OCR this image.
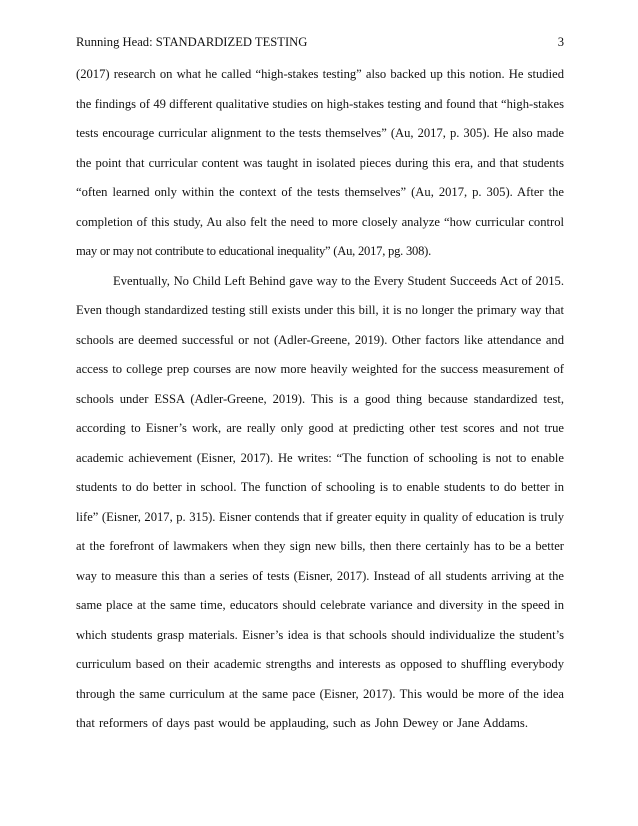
Running Head: STANDARDIZED TESTING	3
(2017) research on what he called “high-stakes testing” also backed up this notion. He studied
the findings of 49 different qualitative studies on high-stakes testing and found that “high-stakes
tests encourage curricular alignment to the tests themselves” (Au, 2017, p. 305). He also made
the point that curricular content was taught in isolated pieces during this era, and that students
“often learned only within the context of the tests themselves” (Au, 2017, p. 305). After the
completion of this study, Au also felt the need to more closely analyze “how curricular control
may or may not contribute to educational inequality” (Au, 2017, pg. 308).
Eventually, No Child Left Behind gave way to the Every Student Succeeds Act of 2015.
Even though standardized testing still exists under this bill, it is no longer the primary way that
schools are deemed successful or not (Adler-Greene, 2019). Other factors like attendance and
access to college prep courses are now more heavily weighted for the success measurement of
schools under ESSA (Adler-Greene, 2019). This is a good thing because standardized test,
according to Eisner’s work, are really only good at predicting other test scores and not true
academic achievement (Eisner, 2017). He writes: “The function of schooling is not to enable
students to do better in school. The function of schooling is to enable students to do better in
life” (Eisner, 2017, p. 315). Eisner contends that if greater equity in quality of education is truly
at the forefront of lawmakers when they sign new bills, then there certainly has to be a better
way to measure this than a series of tests (Eisner, 2017). Instead of all students arriving at the
same place at the same time, educators should celebrate variance and diversity in the speed in
which students grasp materials. Eisner’s idea is that schools should individualize the student’s
curriculum based on their academic strengths and interests as opposed to shuffling everybody
through the same curriculum at the same pace (Eisner, 2017). This would be more of the idea
that reformers of days past would be applauding, such as John Dewey or Jane Addams.
